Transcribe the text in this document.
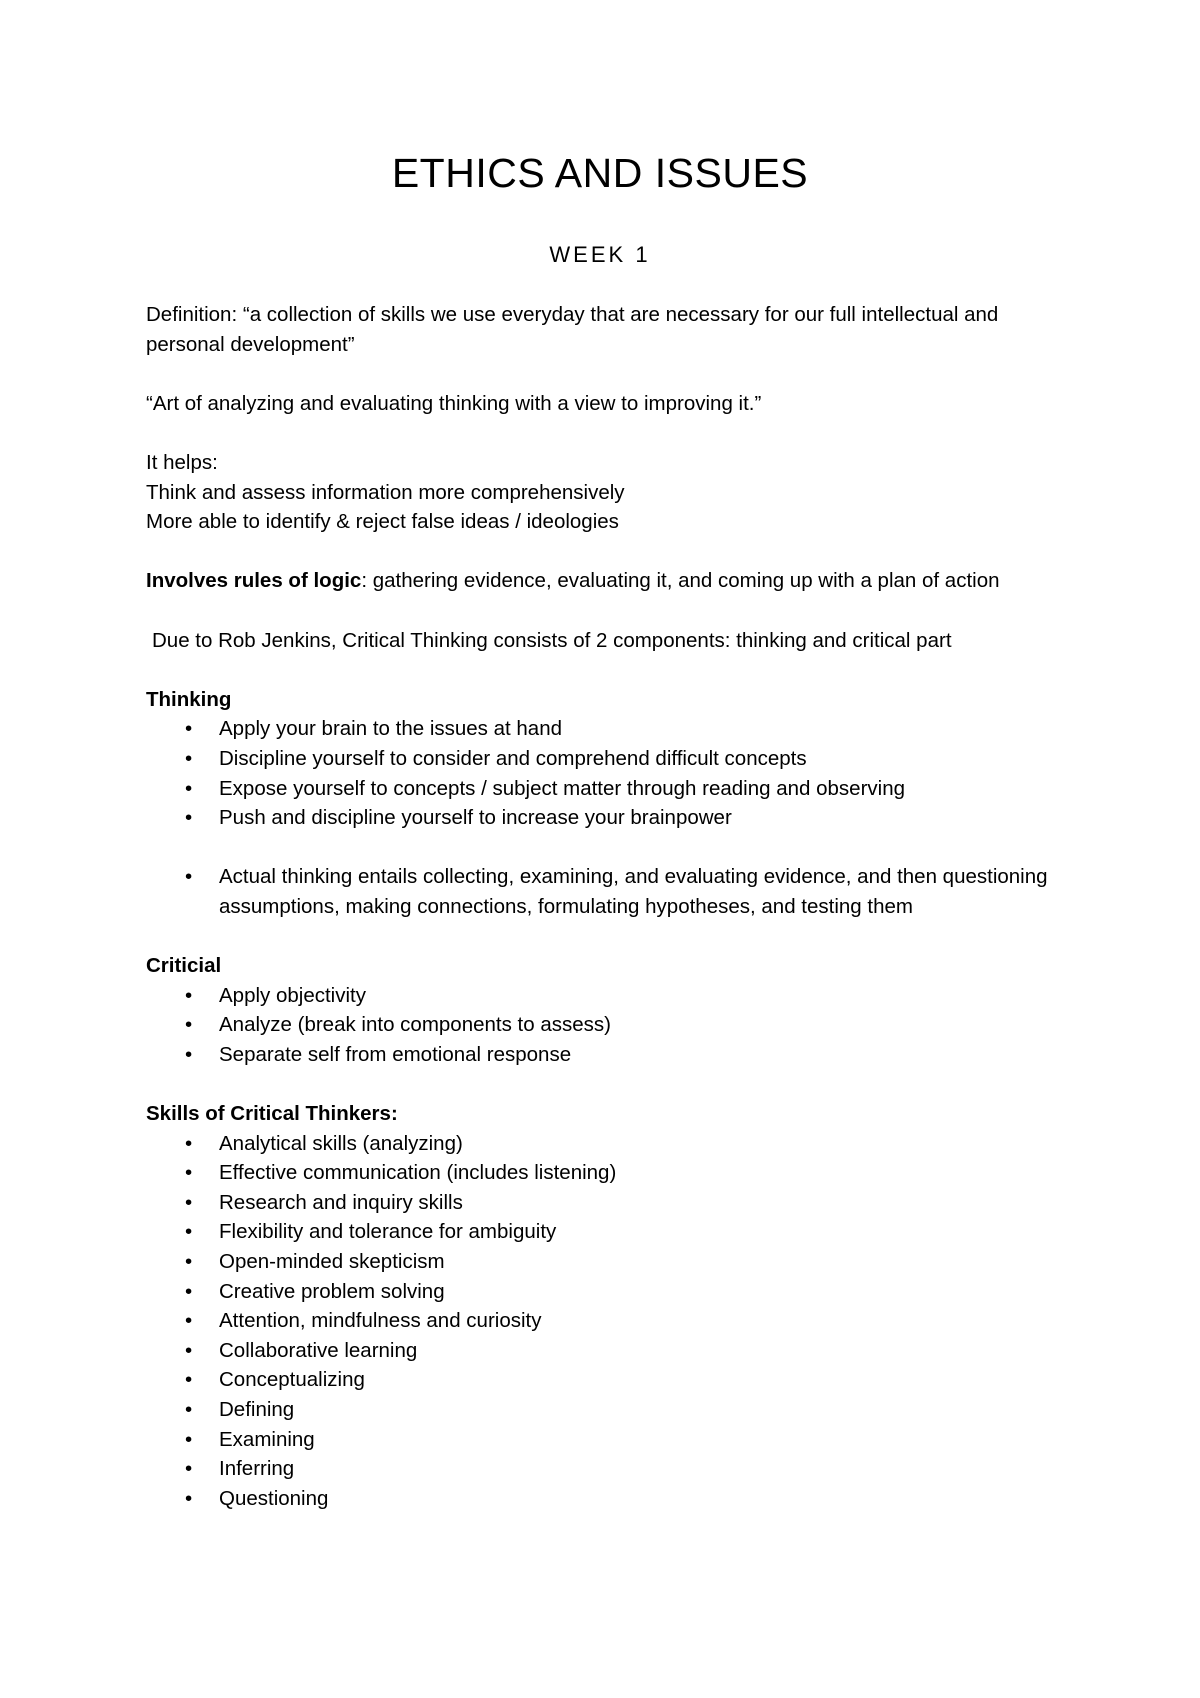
ETHICS AND ISSUES
WEEK 1

Definition: “a collection of skills we use everyday that are necessary for our full intellectual and personal development”

“Art of analyzing and evaluating thinking with a view to improving it.”

It helps:

Think and assess information more comprehensively

More able to identify & reject false ideas / ideologies

Involves rules of logic: gathering evidence, evaluating it, and coming up with a plan of action

Due to Rob Jenkins, Critical Thinking consists of 2 components: thinking and critical part

Thinking

• Apply your brain to the issues at hand
• Discipline yourself to consider and comprehend difficult concepts
• Expose yourself to concepts / subject matter through reading and observing
• Push and discipline yourself to increase your brainpower
• Actual thinking entails collecting, examining, and evaluating evidence, and then questioning assumptions, making connections, formulating hypotheses, and testing them

Criticial

• Apply objectivity
• Analyze (break into components to assess)
• Separate self from emotional response

Skills of Critical Thinkers:

• Analytical skills (analyzing)
• Effective communication (includes listening)
• Research and inquiry skills
• Flexibility and tolerance for ambiguity
• Open-minded skepticism
• Creative problem solving
• Attention, mindfulness and curiosity
• Collaborative learning
• Conceptualizing
• Defining
• Examining
• Inferring
• Questioning
